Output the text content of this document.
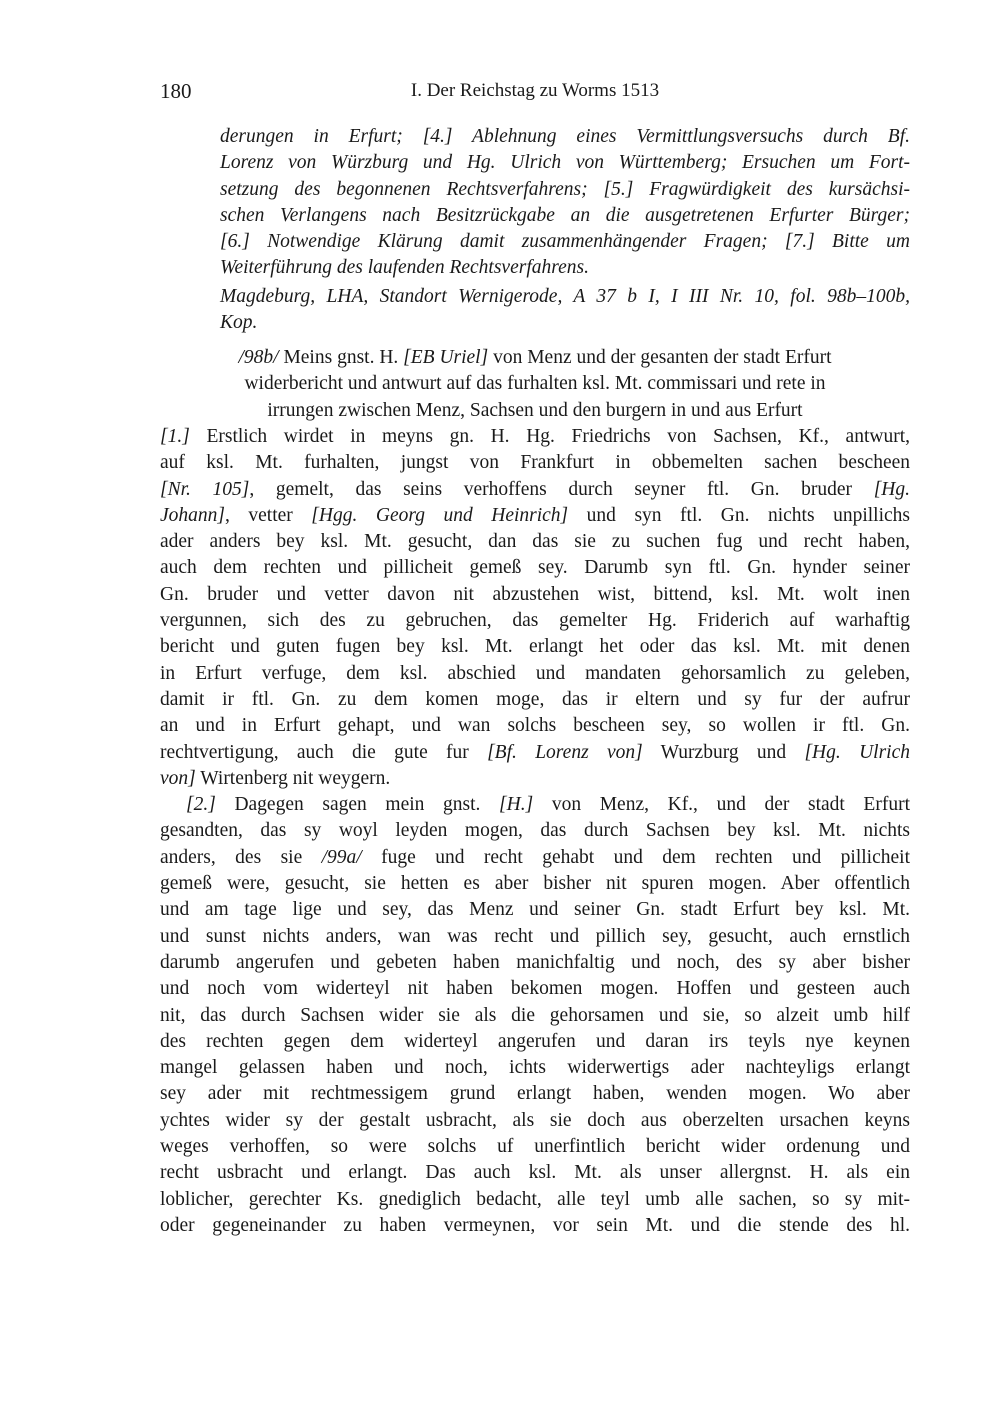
180	I. Der Reichstag zu Worms 1513
derungen in Erfurt; [4.] Ablehnung eines Vermittlungsversuchs durch Bf.
Lorenz von Würzburg und Hg. Ulrich von Württemberg; Ersuchen um Fort-
setzung des begonnenen Rechtsverfahrens; [5.] Fragwürdigkeit des kursächsi-
schen Verlangens nach Besitzrückgabe an die ausgetretenen Erfurter Bürger;
[6.] Notwendige Klärung damit zusammenhängender Fragen; [7.] Bitte um
Weiterführung des laufenden Rechtsverfahrens.
Magdeburg, LHA, Standort Wernigerode, A 37 b I, I III Nr. 10, fol. 98b–100b,
Kop.
/98b/ Meins gnst. H. [EB Uriel] von Menz und der gesanten der stadt Erfurt
widerbericht und antwurt auf das furhalten ksl. Mt. commissari und rete in
irrungen zwischen Menz, Sachsen und den burgern in und aus Erfurt
[1.] Erstlich wirdet in meyns gn. H. Hg. Friedrichs von Sachsen, Kf., antwurt,
auf ksl. Mt. furhalten, jungst von Frankfurt in obbemelten sachen bescheen
[Nr. 105], gemelt, das seins verhoffens durch seyner ftl. Gn. bruder [Hg.
Johann], vetter [Hgg. Georg und Heinrich] und syn ftl. Gn. nichts unpillichs
ader anders bey ksl. Mt. gesucht, dan das sie zu suchen fug und recht haben,
auch dem rechten und pillicheit gemeß sey. Darumb syn ftl. Gn. hynder seiner
Gn. bruder und vetter davon nit abzustehen wist, bittend, ksl. Mt. wolt inen
vergunnen, sich des zu gebruchen, das gemelter Hg. Friderich auf warhaftig
bericht und guten fugen bey ksl. Mt. erlangt het oder das ksl. Mt. mit denen
in Erfurt verfuge, dem ksl. abschied und mandaten gehorsamlich zu geleben,
damit ir ftl. Gn. zu dem komen moge, das ir eltern und sy fur der aufrur
an und in Erfurt gehapt, und wan solchs bescheen sey, so wollen ir ftl. Gn.
rechtvertigung, auch die gute fur [Bf. Lorenz von] Wurzburg und [Hg. Ulrich
von] Wirtenberg nit weygern.
[2.] Dagegen sagen mein gnst. [H.] von Menz, Kf., und der stadt Erfurt
gesandten, das sy woyl leyden mogen, das durch Sachsen bey ksl. Mt. nichts
anders, des sie /99a/ fuge und recht gehabt und dem rechten und pillicheit
gemeß were, gesucht, sie hetten es aber bisher nit spuren mogen. Aber offentlich
und am tage lige und sey, das Menz und seiner Gn. stadt Erfurt bey ksl. Mt.
und sunst nichts anders, wan was recht und pillich sey, gesucht, auch ernstlich
darumb angerufen und gebeten haben manichfaltig und noch, des sy aber bisher
und noch vom widerteyl nit haben bekomen mogen. Hoffen und gesteen auch
nit, das durch Sachsen wider sie als die gehorsamen und sie, so alzeit umb hilf
des rechten gegen dem widerteyl angerufen und daran irs teyls nye keynen
mangel gelassen haben und noch, ichts widerwertigs ader nachteyligs erlangt
sey ader mit rechtmessigem grund erlangt haben, wenden mogen. Wo aber
ychtes wider sy der gestalt usbracht, als sie doch aus oberzelten ursachen keyns
weges verhoffen, so were solchs uf unerfintlich bericht wider ordenung und
recht usbracht und erlangt. Das auch ksl. Mt. als unser allergnst. H. als ein
loblicher, gerechter Ks. gnediglich bedacht, alle teyl umb alle sachen, so sy mit-
oder gegeneinander zu haben vermeynen, vor sein Mt. und die stende des hl.
